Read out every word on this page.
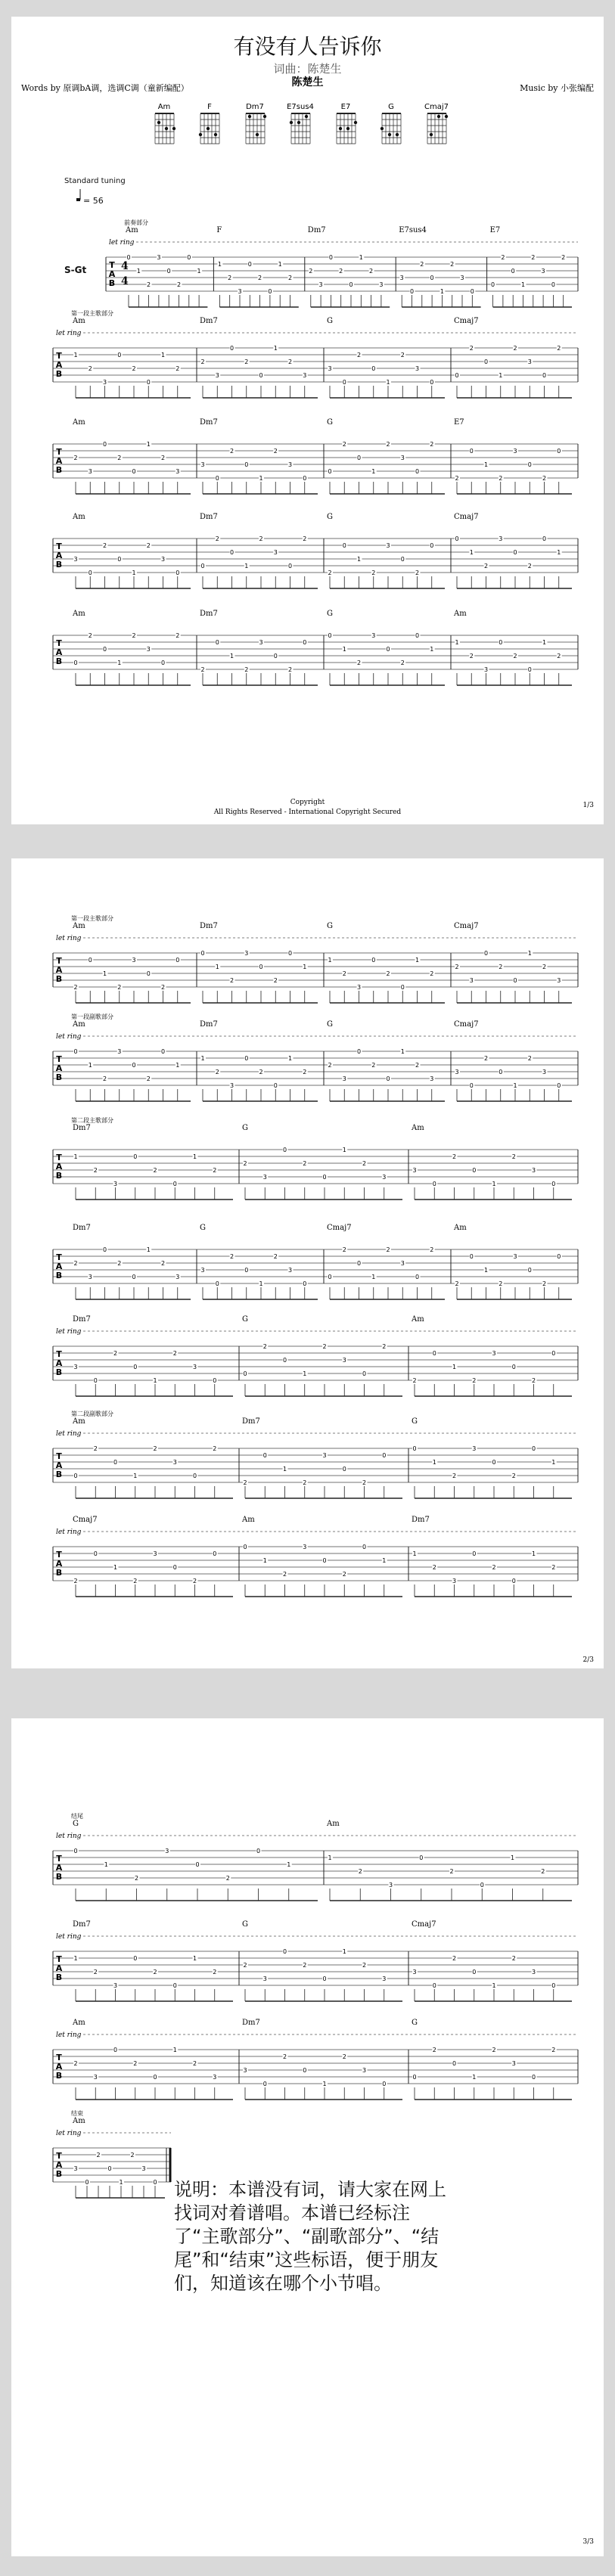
有没有人告诉你
词曲：陈楚生
陈楚生
Words by 原调bA调，选调C调（童新编配）	Music by 小张编配
Am	F	Dm7	E7sus4	E7	G	Cmaj7
Standard tuning
= 56
S-Gt	T
A
B
Am
0
1
2
3
0
2
0
1
F
1
2
3
0
2
0
1
2
Dm7
2
3
0
2
0
1
2
3
E7sus4
3
0
2
0
1
2
3
0
E7
0
2
0
1
2
3
0
2
let ring
前奏部分
T
A
B
Am
1
2
3
0
2
0
1
2
Dm7
2
3
0
2
0
1
2
3
G
3
0
2
0
1
2
3
0
Cmaj7
0
2
0
1
2
3
0
2
let ring
第一段主歌部分
T
A
B
Am
2
3
0
2
0
1
2
3
Dm7
3
0
2
0
1
2
3
0
G
0
2
0
1
2
3
0
2
E7
2
0
1
2
3
0
2
0
T
A
B
Am
3
0
2
0
1
2
3
0
Dm7
0
2
0
1
2
3
0
2
G
2
0
1
2
3
0
2
0
Cmaj7
0
1
2
3
0
2
0
1
T
A
B
Am
0
2
0
1
2
3
0
2
Dm7
2
0
1
2
3
0
2
0
G
0
1
2
3
0
2
0
1
Am
1
2
3
0
2
0
1
2
T
A
B
Am
2
0
1
2
3
0
2
0
Dm7
0
1
2
3
0
2
0
1
G
1
2
3
0
2
0
1
2
Cmaj7
2
3
0
2
0
1
2
3
let ring
第一段主歌部分
T
A
B
Am
0
1
2
3
0
2
0
1
Dm7
1
2
3
0
2
0
1
2
G
2
3
0
2
0
1
2
3
Cmaj7
3
0
2
0
1
2
3
0
let ring
第一段副歌部分
T
A
B
Dm7
1
2
3
0
2
0
1
2
G
2
3
0
2
0
1
2
3
Am
3
0
2
0
1
2
3
0
第二段主歌部分
T
A
B
Dm7
2
3
0
2
0
1
2
3
G
3
0
2
0
1
2
3
0
Cmaj7
0
2
0
1
2
3
0
2
Am
2
0
1
2
3
0
2
0
T
A
B
Dm7
3
0
2
0
1
2
3
0
G
0
2
0
1
2
3
0
2
Am
2
0
1
2
3
0
2
0
let ring
T
A
B
Am
0
2
0
1
2
3
0
2
Dm7
2
0
1
2
3
0
2
0
G
0
1
2
3
0
2
0
1
let ring
第二段副歌部分
T
A
B
Cmaj7
2
0
1
2
3
0
2
0
Am
0
1
2
3
0
2
0
1
Dm7
1
2
3
0
2
0
1
2
let ring
T
A
B
G
0
1
2
3
0
2
0
1
Am
1
2
3
0
2
0
1
2
let ring
结尾
T
A
B
Dm7
1
2
3
0
2
0
1
2
G
2
3
0
2
0
1
2
3
Cmaj7
3
0
2
0
1
2
3
0
let ring
T
A
B
Am
2
3
0
2
0
1
2
3
Dm7
3
0
2
0
1
2
3
0
G
0
2
0
1
2
3
0
2
let ring
T
A
B
Am
3
0
2
0
1
2
3
0
let ring
结束
4
4
Copyright
All Rights Reserved - International Copyright Secured
1/3
2/3
3/3
说明：本谱没有词，请大家在网上找词对着谱唱。本谱已经标注了“主歌部分”、“副歌部分”、“结尾”和“结束”这些标语，便于朋友们，知道该在哪个小节唱。
